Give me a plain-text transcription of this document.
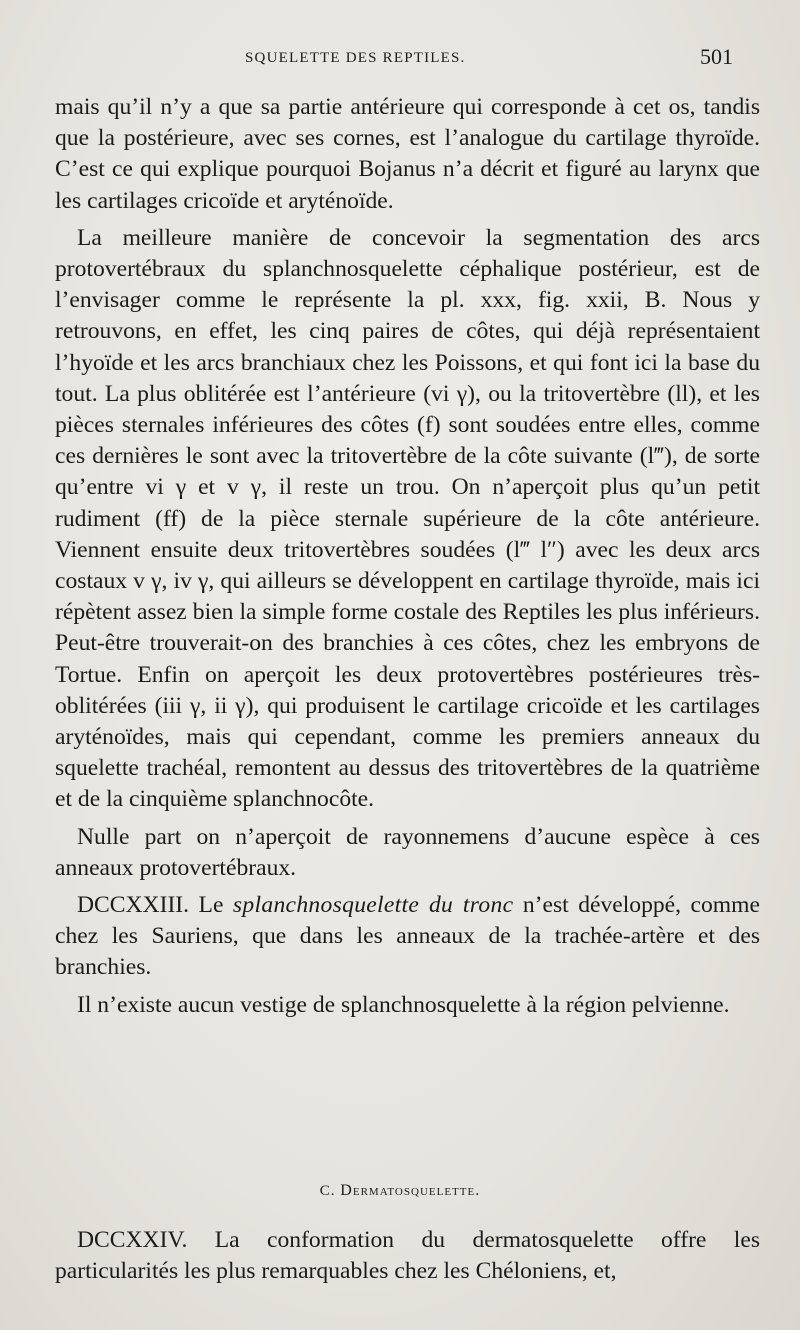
SQUELETTE DES REPTILES.	501

mais qu’il n’y a que sa partie antérieure qui corresponde à cet os, tandis que la postérieure, avec ses cornes, est l’analogue du cartilage thyroïde. C’est ce qui explique pourquoi Bojanus n’a décrit et figuré au larynx que les cartilages cricoïde et aryténoïde.

La meilleure manière de concevoir la segmentation des arcs protovertébraux du splanchnosquelette céphalique postérieur, est de l’envisager comme le représente la pl. xxx, fig. xxii, B. Nous y retrouvons, en effet, les cinq paires de côtes, qui déjà représentaient l’hyoïde et les arcs branchiaux chez les Poissons, et qui font ici la base du tout. La plus oblitérée est l’antérieure (vi γ), ou la tritovertèbre (ll), et les pièces sternales inférieures des côtes (f) sont soudées entre elles, comme ces dernières le sont avec la tritovertèbre de la côte suivante (l‴), de sorte qu’entre vi γ et v γ, il reste un trou. On n’aperçoit plus qu’un petit rudiment (ff) de la pièce sternale supérieure de la côte antérieure. Viennent ensuite deux tritovertèbres soudées (l‴ l″) avec les deux arcs costaux v γ, iv γ, qui ailleurs se développent en cartilage thyroïde, mais ici répètent assez bien la simple forme costale des Reptiles les plus inférieurs. Peut-être trouverait-on des branchies à ces côtes, chez les embryons de Tortue. Enfin on aperçoit les deux protovertèbres postérieures très-oblitérées (iii γ, ii γ), qui produisent le cartilage cricoïde et les cartilages aryténoïdes, mais qui cependant, comme les premiers anneaux du squelette trachéal, remontent au dessus des tritovertèbres de la quatrième et de la cinquième splanchnocôte.

Nulle part on n’aperçoit de rayonnemens d’aucune espèce à ces anneaux protovertébraux.

DCCXXIII. Le splanchnosquelette du tronc n’est développé, comme chez les Sauriens, que dans les anneaux de la trachée-artère et des branchies.

Il n’existe aucun vestige de splanchnosquelette à la région pelvienne.

C. Dermatosquelette.

DCCXXIV. La conformation du dermatosquelette offre les particularités les plus remarquables chez les Chéloniens, et,
